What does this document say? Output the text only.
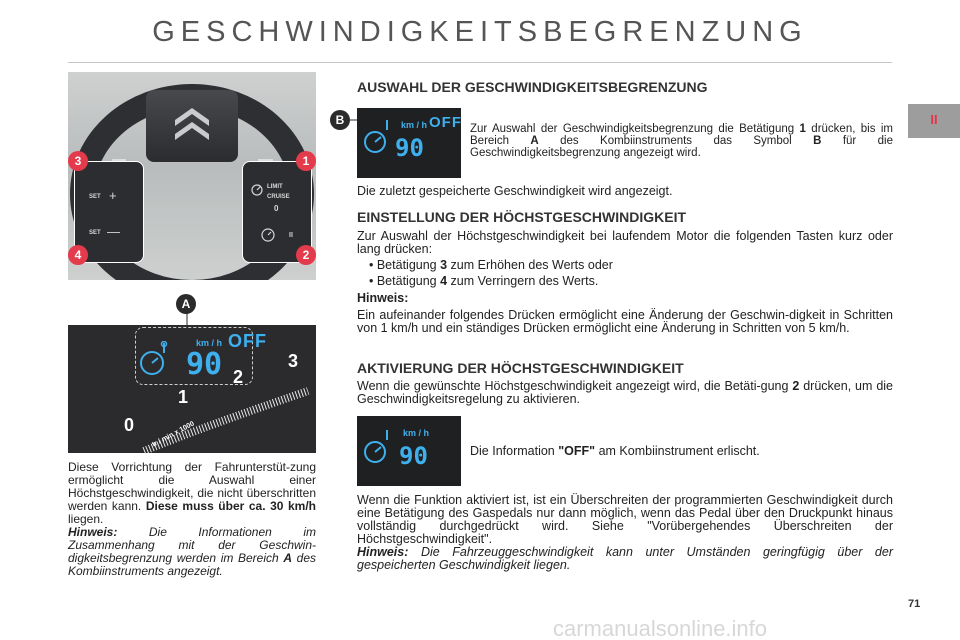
GESCHWINDIGKEITSBEGRENZUNG
II
SET +
SET —
LIMIT
CRUISE
0
II
3	1
4	2
A
km / h OFF
90
0
1
2
3
tr / min x 1000
Diese Vorrichtung der Fahrunterstüt-zung ermöglicht die Auswahl einer Höchstgeschwindigkeit, die nicht überschritten werden kann. Diese muss über ca. 30 km/h liegen.
Hinweis:	Die Informationen im Zusammenhang mit der Geschwin-digkeitsbegrenzung werden im Bereich A des Kombiinstruments angezeigt.
AUSWAHL DER GESCHWINDIGKEITSBEGRENZUNG
B	km / h OFF
90
Zur Auswahl der Geschwindigkeitsbegrenzung die Betätigung 1 drücken, bis im Bereich A des Kombiinstruments das Symbol B für die Geschwindigkeitsbegrenzung angezeigt wird.
Die zuletzt gespeicherte Geschwindigkeit wird angezeigt.
EINSTELLUNG DER HÖCHSTGESCHWINDIGKEIT
Zur Auswahl der Höchstgeschwindigkeit bei laufendem Motor die folgenden Tasten kurz oder lang drücken:
• Betätigung 3 zum Erhöhen des Werts oder
• Betätigung 4 zum Verringern des Werts.
Hinweis:
Ein aufeinander folgendes Drücken ermöglicht eine Änderung der Geschwin-digkeit in Schritten von 1 km/h und ein ständiges Drücken ermöglicht eine Änderung in Schritten von 5 km/h.
AKTIVIERUNG DER HÖCHSTGESCHWINDIGKEIT
Wenn die gewünschte Höchstgeschwindigkeit angezeigt wird, die Betäti-gung 2 drücken, um die Geschwindigkeitsregelung zu aktivieren.
km / h
90	Die Information "OFF" am Kombiinstrument erlischt.
Wenn die Funktion aktiviert ist, ist ein Überschreiten der programmierten Geschwindigkeit durch eine Betätigung des Gaspedals nur dann möglich, wenn das Pedal über den Druckpunkt hinaus vollständig durchgedrückt wird. Siehe "Vorübergehendes Überschreiten der Höchstgeschwindigkeit".
Hinweis: Die Fahrzeuggeschwindigkeit kann unter Umständen geringfügig über der gespeicherten Geschwindigkeit liegen.
71
carmanualsonline.info
